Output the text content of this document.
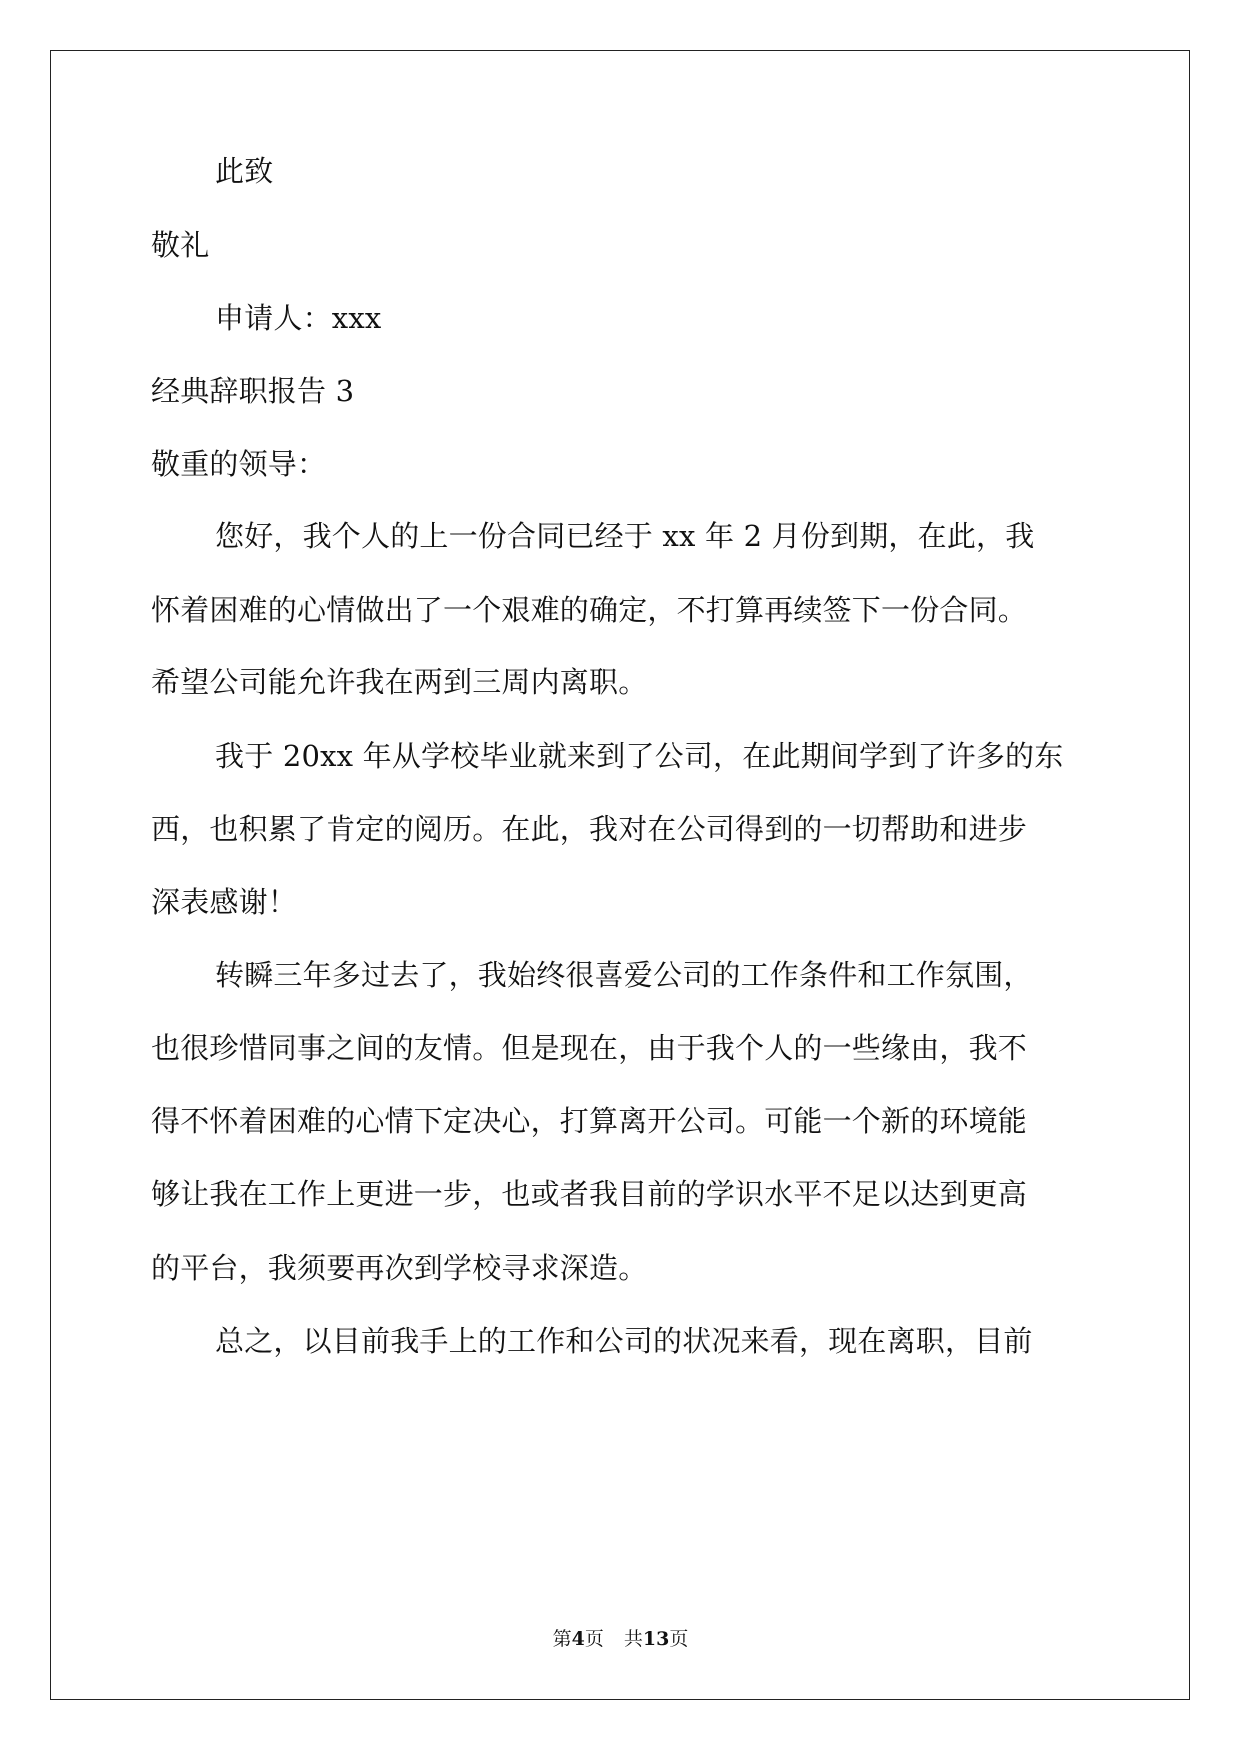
此致
敬礼
申请人：xxx
经典辞职报告 3
敬重的领导：
您好，我个人的上一份合同已经于 xx 年 2 月份到期，在此，我
怀着困难的心情做出了一个艰难的确定，不打算再续签下一份合同。
希望公司能允许我在两到三周内离职。
我于 20xx 年从学校毕业就来到了公司，在此期间学到了许多的东
西，也积累了肯定的阅历。在此，我对在公司得到的一切帮助和进步
深表感谢！
转瞬三年多过去了，我始终很喜爱公司的工作条件和工作氛围，
也很珍惜同事之间的友情。但是现在，由于我个人的一些缘由，我不
得不怀着困难的心情下定决心，打算离开公司。可能一个新的环境能
够让我在工作上更进一步，也或者我目前的学识水平不足以达到更高
的平台，我须要再次到学校寻求深造。
总之，以目前我手上的工作和公司的状况来看，现在离职，目前
第4页 共13页
